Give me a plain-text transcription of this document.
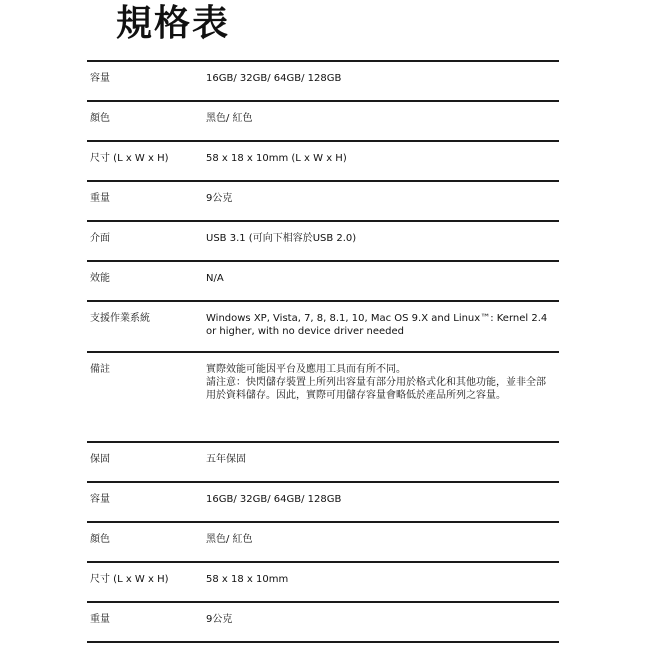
規格表
容量	16GB/ 32GB/ 64GB/ 128GB
顏色	黑色/ 紅色
尺寸 (L x W x H)	58 x 18 x 10mm (L x W x H)
重量	9公克
介面	USB 3.1 (可向下相容於USB 2.0)
效能	N/A
支援作業系統	Windows XP, Vista, 7, 8, 8.1, 10, Mac OS 9.X and Linux™: Kernel 2.4 or higher, with no device driver needed
備註	實際效能可能因平台及應用工具而有所不同。
請注意：快閃儲存裝置上所列出容量有部分用於格式化和其他功能，並非全部用於資料儲存。因此，實際可用儲存容量會略低於產品所列之容量。
保固	五年保固
容量	16GB/ 32GB/ 64GB/ 128GB
顏色	黑色/ 紅色
尺寸 (L x W x H)	58 x 18 x 10mm
重量	9公克
